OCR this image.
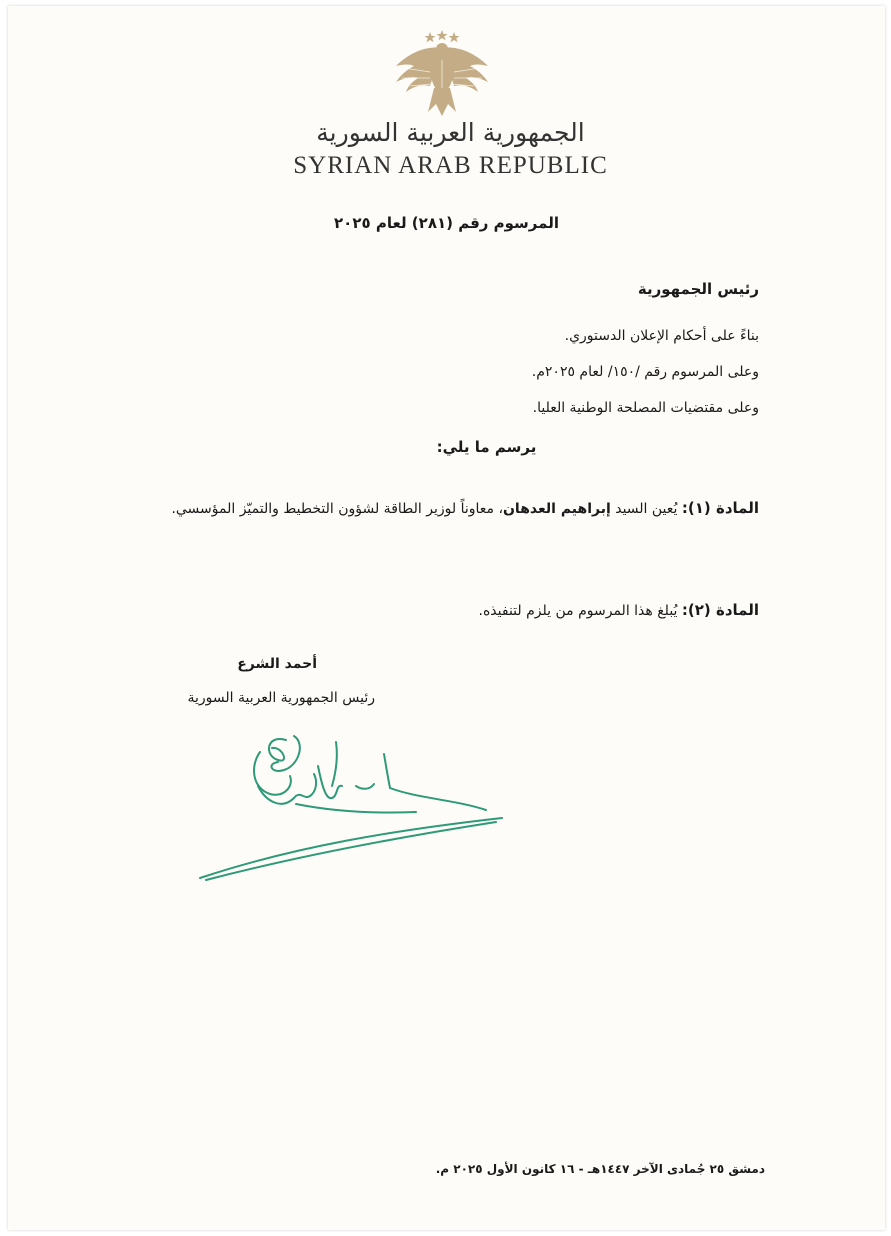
الجمهورية العربية السورية
SYRIAN ARAB REPUBLIC
المرسوم رقم (٢٨١) لعام ٢٠٢٥
رئيس الجمهورية
بناءً على أحكام الإعلان الدستوري.
وعلى المرسوم رقم /١٥٠/ لعام ٢٠٢٥م.
وعلى مقتضيات المصلحة الوطنية العليا.
يرسم ما يلي:
المادة (١): يُعين السيد إبراهيم العدهان، معاوناً لوزير الطاقة لشؤون التخطيط والتميّز المؤسسي.
المادة (٢): يُبلغ هذا المرسوم من يلزم لتنفيذه.
أحمد الشرع
رئيس الجمهورية العربية السورية
دمشق ٢٥ جُمادى الآخر ١٤٤٧هـ - ١٦ كانون الأول ٢٠٢٥ م.
